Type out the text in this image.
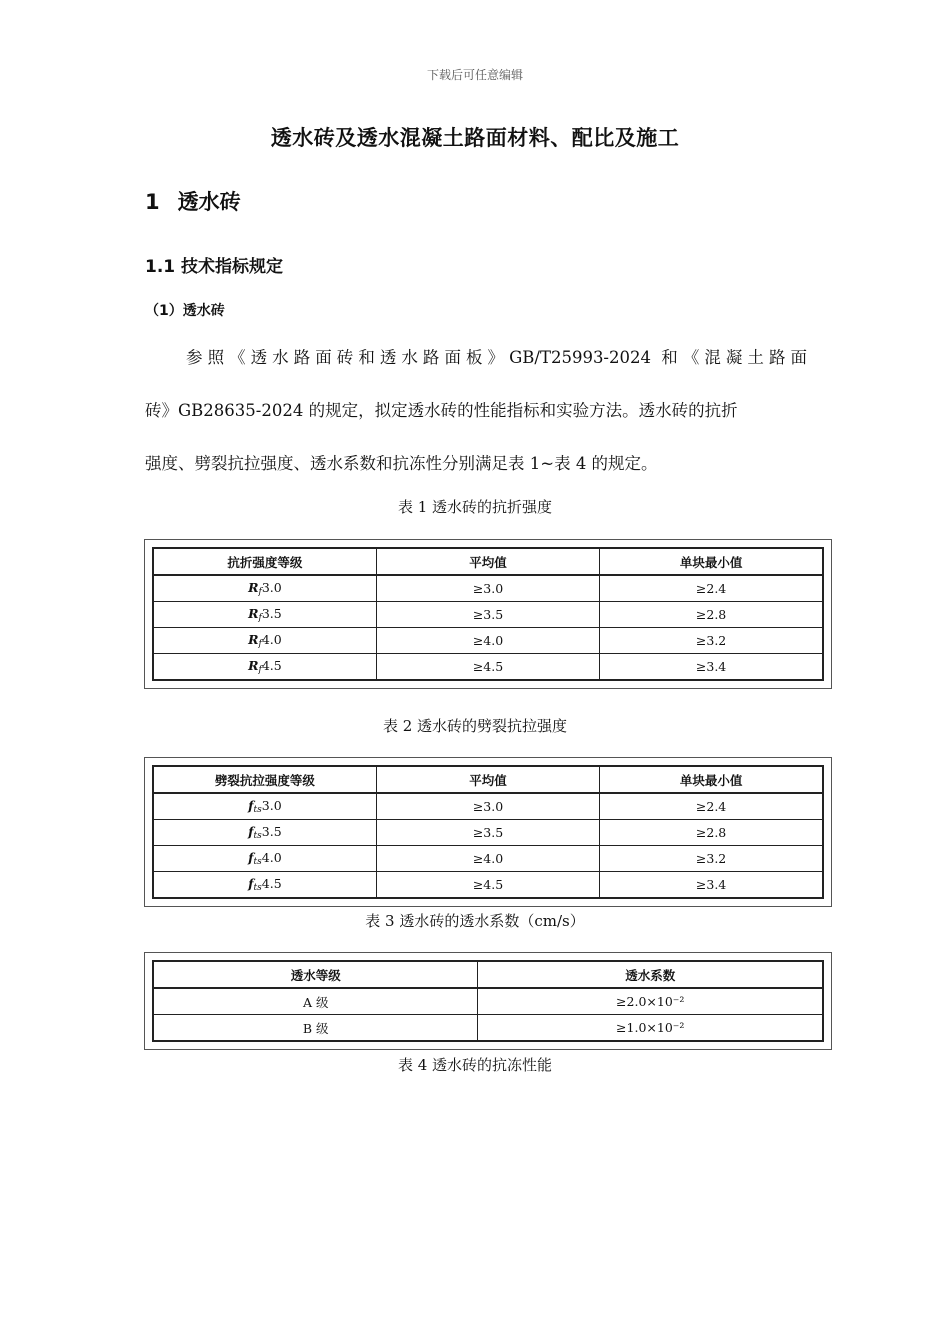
下载后可任意编辑
透水砖及透水混凝土路面材料、配比及施工
1 透水砖
1.1 技术指标规定
（1）透水砖
参照《透水路面砖和透水路面板》GB/T25993-2024 和《混凝土路面
砖》GB28635-2024 的规定，拟定透水砖的性能指标和实验方法。透水砖的抗折
强度、劈裂抗拉强度、透水系数和抗冻性分别满足表 1~表 4 的规定。
表 1 透水砖的抗折强度
抗折强度等级	平均值	单块最小值
$R_f3.0$	≥3.0	≥2.4
$R_f3.5$	≥3.5	≥2.8
$R_f4.0$	≥4.0	≥3.2
$R_f4.5$	≥4.5	≥3.4
表 2 透水砖的劈裂抗拉强度
劈裂抗拉强度等级	平均值	单块最小值
$f_{ts}3.0$	≥3.0	≥2.4
$f_{ts}3.5$	≥3.5	≥2.8
$f_{ts}4.0$	≥4.0	≥3.2
$f_{ts}4.5$	≥4.5	≥3.4
表 3 透水砖的透水系数（cm/s）
透水等级	透水系数
A 级	≥2.0×10⁻²
B 级	≥1.0×10⁻²
表 4 透水砖的抗冻性能
